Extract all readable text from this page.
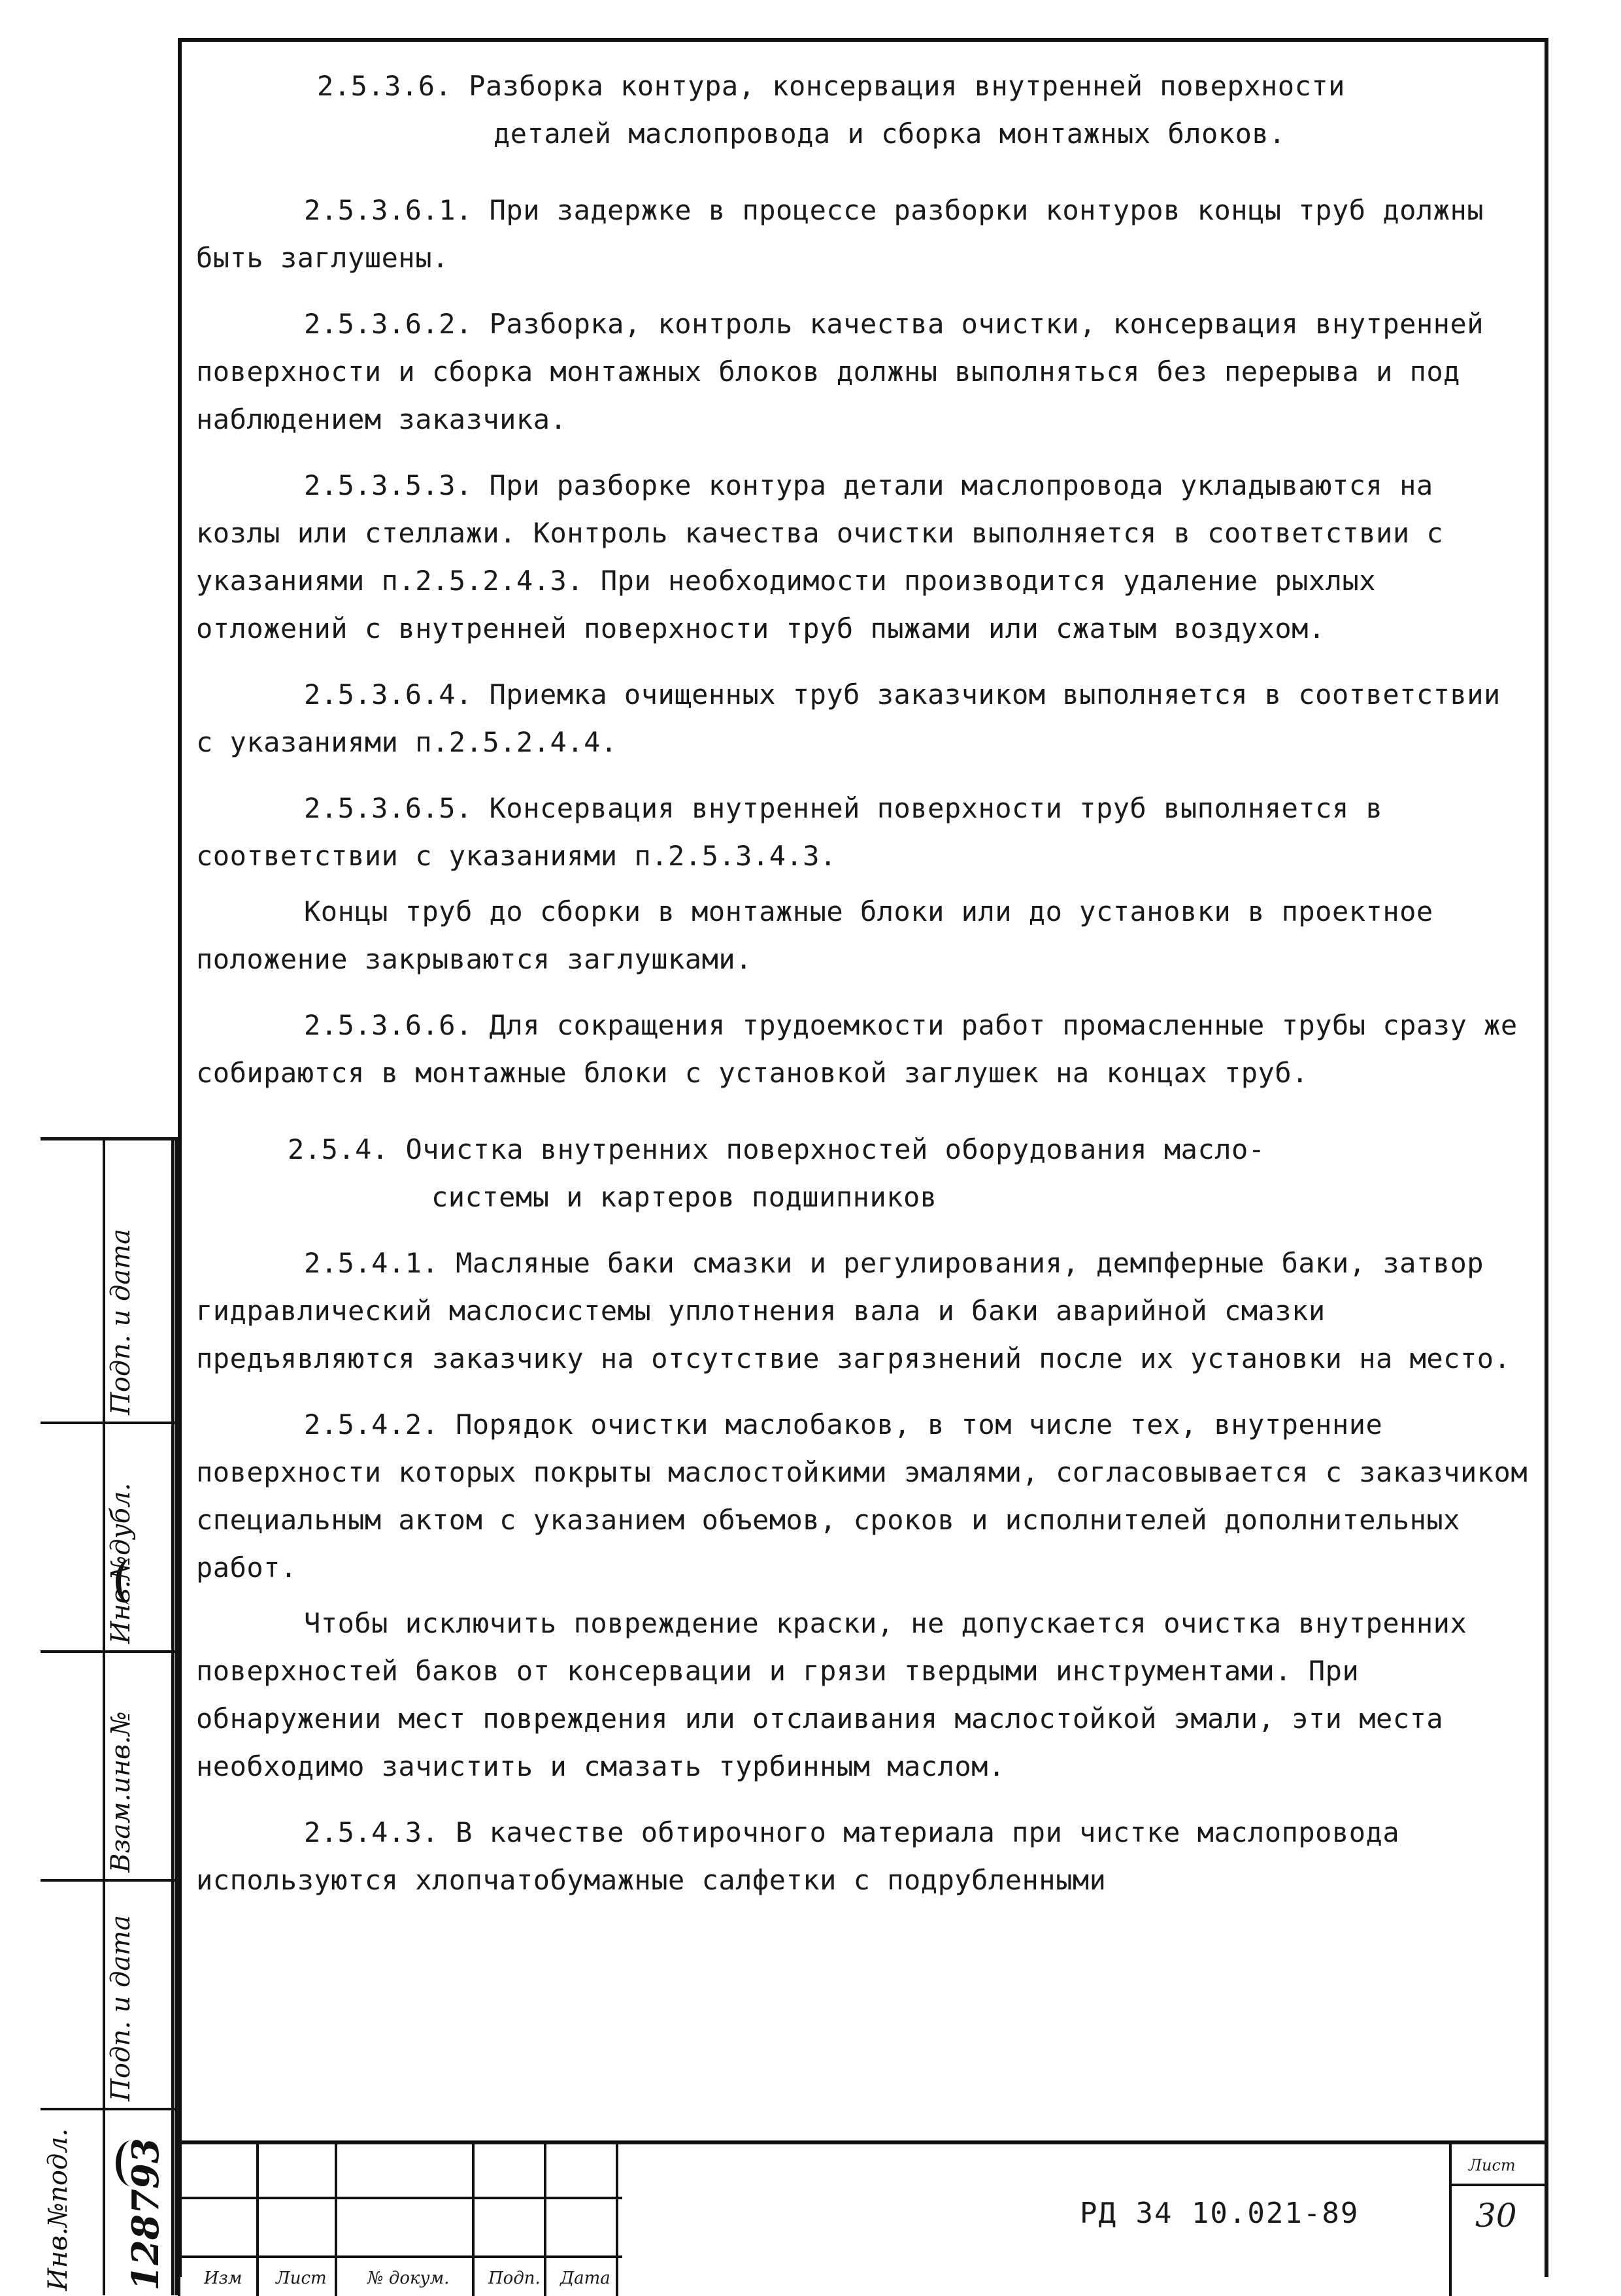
2.5.3.6. Разборка контура, консервация внутренней поверхности

деталей маслопровода и сборка монтажных блоков.

2.5.3.6.1. При задержке в процессе разборки контуров концы труб должны быть заглушены.

2.5.3.6.2. Разборка, контроль качества очистки, консервация внутренней поверхности и сборка монтажных блоков должны выполняться без перерыва и под наблюдением заказчика.

2.5.3.5.3. При разборке контура детали маслопровода укладываются на козлы или стеллажи. Контроль качества очистки выполняется в соответствии с указаниями п.2.5.2.4.3. При необходимости производится удаление рыхлых отложений с внутренней поверхности труб пыжами или сжатым воздухом.

2.5.3.6.4. Приемка очищенных труб заказчиком выполняется в соответствии с указаниями п.2.5.2.4.4.

2.5.3.6.5. Консервация внутренней поверхности труб выполняется в соответствии с указаниями п.2.5.3.4.3.

Концы труб до сборки в монтажные блоки или до установки в проектное положение закрываются заглушками.

2.5.3.6.6. Для сокращения трудоемкости работ промасленные трубы сразу же собираются в монтажные блоки с установкой заглушек на концах труб.

2.5.4. Очистка внутренних поверхностей оборудования масло-

системы и картеров подшипников

2.5.4.1. Масляные баки смазки и регулирования, демпферные баки, затвор гидравлический маслосистемы уплотнения вала и баки аварийной смазки предъявляются заказчику на отсутствие загрязнений после их установки на место.

2.5.4.2. Порядок очистки маслобаков, в том числе тех, внутренние поверхности которых покрыты маслостойкими эмалями, согласовывается с заказчиком специальным актом с указанием объемов, сроков и исполнителей дополнительных работ.

Чтобы исключить повреждение краски, не допускается очистка внутренних поверхностей баков от консервации и грязи твердыми инструментами. При обнаружении мест повреждения или отслаивания маслостойкой эмали, эти места необходимо зачистить и смазать турбинным маслом.

2.5.4.3. В качестве обтирочного материала при чистке маслопровода используются хлопчатобумажные салфетки с подрубленными

Подп. и дата
Инв.№дубл.
Взам.инв.№
Подп. и дата
Инв.№подл. 128793 Изм Лист № докум. Подп. Дата
РД 34 10.021-89
Лист
30
